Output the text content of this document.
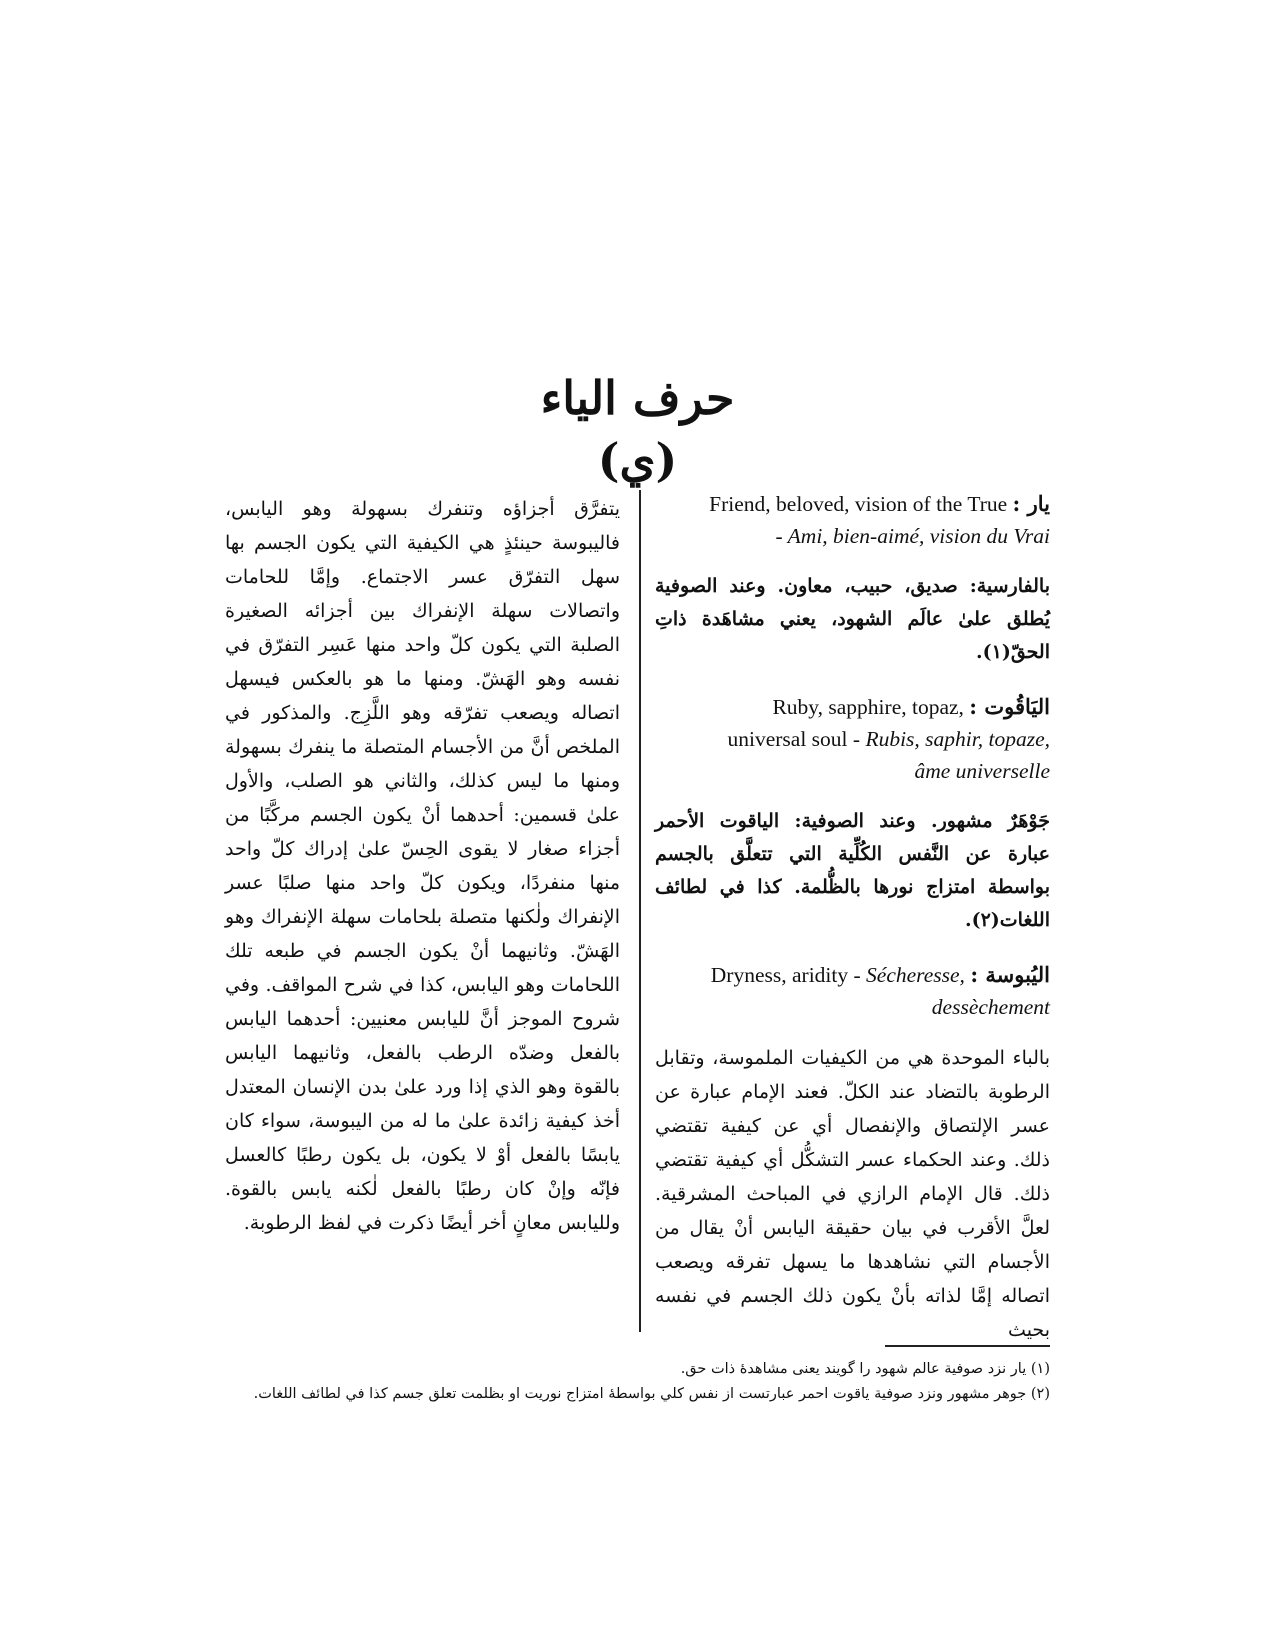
حرف الياء
(ي)
يار : Friend, beloved, vision of the True
- Ami, bien-aimé, vision du Vrai
بالفارسية: صديق، حبيب، معاون. وعند الصوفية يُطلق علىٰ عالَم الشهود، يعني مشاهَدة ذاتِ الحقّ(١).
اليَاقُوت : Ruby, sapphire, topaz,
universal soul - Rubis, saphir, topaze,
âme universelle
جَوْهَرٌ مشهور. وعند الصوفية: الياقوت الأحمر عبارة عن النَّفس الكُلِّية التي تتعلَّق بالجسم بواسطة امتزاج نورها بالظُّلمة. كذا في لطائف اللغات(٢).
اليُبوسة : Dryness, aridity - Sécheresse,
dessèchement
بالباء الموحدة هي من الكيفيات الملموسة، وتقابل الرطوبة بالتضاد عند الكلّ. فعند الإمام عبارة عن عسر الإلتصاق والإنفصال أي عن كيفية تقتضي ذلك. وعند الحكماء عسر التشكُّل أي كيفية تقتضي ذلك. قال الإمام الرازي في المباحث المشرقية. لعلَّ الأقرب في بيان حقيقة اليابس أنْ يقال من الأجسام التي نشاهدها ما يسهل تفرقه ويصعب اتصاله إمَّا لذاته بأنْ يكون ذلك الجسم في نفسه بحيث
يتفرَّق أجزاؤه وتنفرك بسهولة وهو اليابس، فاليبوسة حينئذٍ هي الكيفية التي يكون الجسم بها سهل التفرّق عسر الاجتماع. وإمَّا للحامات واتصالات سهلة الإنفراك بين أجزائه الصغيرة الصلبة التي يكون كلّ واحد منها عَسِر التفرّق في نفسه وهو الهَشّ. ومنها ما هو بالعكس فيسهل اتصاله ويصعب تفرّقه وهو اللَّزِج. والمذكور في الملخص أنَّ من الأجسام المتصلة ما ينفرك بسهولة ومنها ما ليس كذلك، والثاني هو الصلب، والأول علىٰ قسمين: أحدهما أنْ يكون الجسم مركَّبًا من أجزاء صغار لا يقوى الحِسّ علىٰ إدراك كلّ واحد منها منفردًا، ويكون كلّ واحد منها صلبًا عسر الإنفراك ولٰكنها متصلة بلحامات سهلة الإنفراك وهو الهَشّ. وثانيهما أنْ يكون الجسم في طبعه تلك اللحامات وهو اليابس، كذا في شرح المواقف. وفي شروح الموجز أنَّ لليابس معنيين: أحدهما اليابس بالفعل وضدّه الرطب بالفعل، وثانيهما اليابس بالقوة وهو الذي إذا ورد علىٰ بدن الإنسان المعتدل أخذ كيفية زائدة علىٰ ما له من اليبوسة، سواء كان يابسًا بالفعل أوْ لا يكون، بل يكون رطبًا كالعسل فإنّه وإنْ كان رطبًا بالفعل لٰكنه يابس بالقوة. ولليابس معانٍ أخر أيضًا ذكرت في لفظ الرطوبة.
(١) يار نزد صوفية عالم شهود را گويند يعنى مشاهدهٔ ذات حق.
(٢) جوهر مشهور ونزد صوفية ياقوت احمر عبارتست از نفس كلي بواسطهٔ امتزاج نوريت او بظلمت تعلق جسم كذا في لطائف اللغات.
